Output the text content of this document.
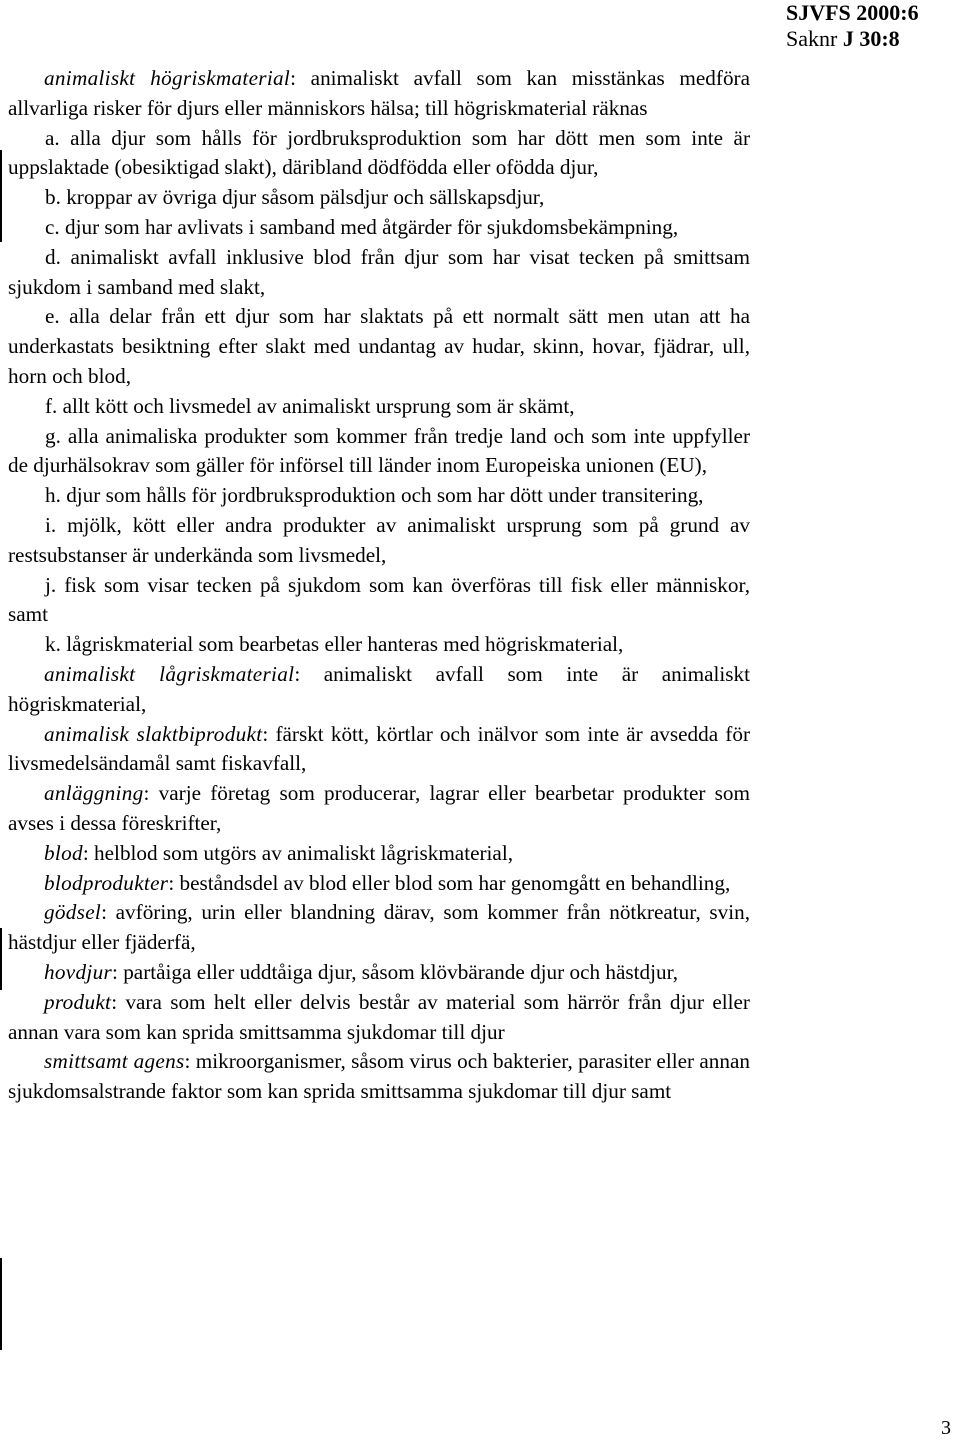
SJVFS 2000:6
Saknr J 30:8

animaliskt högriskmaterial: animaliskt avfall som kan misstänkas medföra allvarliga risker för djurs eller människors hälsa; till högriskmaterial räknas

a. alla djur som hålls för jordbruksproduktion som har dött men som inte är uppslaktade (obesiktigad slakt), däribland dödfödda eller ofödda djur,

b. kroppar av övriga djur såsom pälsdjur och sällskapsdjur,

c. djur som har avlivats i samband med åtgärder för sjukdomsbekämpning,

d. animaliskt avfall inklusive blod från djur som har visat tecken på smittsam sjukdom i samband med slakt,

e. alla delar från ett djur som har slaktats på ett normalt sätt men utan att ha underkastats besiktning efter slakt med undantag av hudar, skinn, hovar, fjädrar, ull, horn och blod,

f. allt kött och livsmedel av animaliskt ursprung som är skämt,

g. alla animaliska produkter som kommer från tredje land och som inte uppfyller de djurhälsokrav som gäller för införsel till länder inom Europeiska unionen (EU),

h. djur som hålls för jordbruksproduktion och som har dött under transitering,

i. mjölk, kött eller andra produkter av animaliskt ursprung som på grund av restsubstanser är underkända som livsmedel,

j. fisk som visar tecken på sjukdom som kan överföras till fisk eller människor, samt

k. lågriskmaterial som bearbetas eller hanteras med högriskmaterial,

animaliskt lågriskmaterial: animaliskt avfall som inte är animaliskt högriskmaterial,

animalisk slaktbiprodukt: färskt kött, körtlar och inälvor som inte är avsedda för livsmedelsändamål samt fiskavfall,

anläggning: varje företag som producerar, lagrar eller bearbetar produkter som avses i dessa föreskrifter,

blod: helblod som utgörs av animaliskt lågriskmaterial,

blodprodukter: beståndsdel av blod eller blod som har genomgått en behandling,

gödsel: avföring, urin eller blandning därav, som kommer från nötkreatur, svin, hästdjur eller fjäderfä,

hovdjur: partåiga eller uddtåiga djur, såsom klövbärande djur och hästdjur,

produkt: vara som helt eller delvis består av material som härrör från djur eller annan vara som kan sprida smittsamma sjukdomar till djur

smittsamt agens: mikroorganismer, såsom virus och bakterier, parasiter eller annan sjukdomsalstrande faktor som kan sprida smittsamma sjukdomar till djur samt

3
